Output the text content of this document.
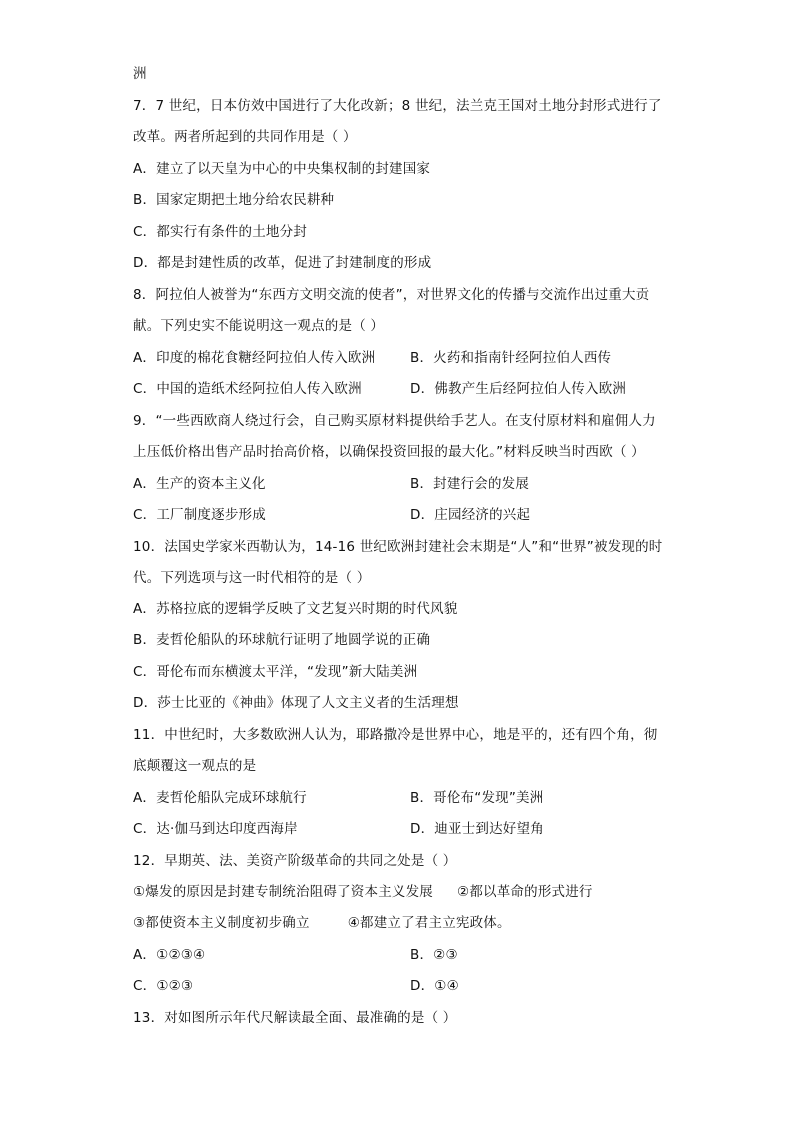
洲
7．7 世纪，日本仿效中国进行了大化改新；8 世纪，法兰克王国对土地分封形式进行了
改革。两者所起到的共同作用是（ ）
A．建立了以天皇为中心的中央集权制的封建国家
B．国家定期把土地分给农民耕种
C．都实行有条件的土地分封
D．都是封建性质的改革，促进了封建制度的形成
8．阿拉伯人被誉为“东西方文明交流的使者”，对世界文化的传播与交流作出过重大贡
献。下列史实不能说明这一观点的是（ ）
A．印度的棉花食糖经阿拉伯人传入欧洲	B．火药和指南针经阿拉伯人西传
C．中国的造纸术经阿拉伯人传入欧洲	D．佛教产生后经阿拉伯人传入欧洲
9．“一些西欧商人绕过行会，自己购买原材料提供给手艺人。在支付原材料和雇佣人力
上压低价格出售产品时抬高价格，以确保投资回报的最大化。”材料反映当时西欧（ ）
A．生产的资本主义化	B．封建行会的发展
C．工厂制度逐步形成	D．庄园经济的兴起
10．法国史学家米西勒认为，14-16 世纪欧洲封建社会末期是“人”和“世界”被发现的时
代。下列选项与这一时代相符的是（ ）
A．苏格拉底的逻辑学反映了文艺复兴时期的时代风貌
B．麦哲伦船队的环球航行证明了地圆学说的正确
C．哥伦布而东横渡太平洋，“发现”新大陆美洲
D．莎士比亚的《神曲》体现了人文主义者的生活理想
11．中世纪时，大多数欧洲人认为，耶路撒冷是世界中心，地是平的，还有四个角，彻
底颠覆这一观点的是
A．麦哲伦船队完成环球航行	B．哥伦布“发现”美洲
C．达·伽马到达印度西海岸	D．迪亚士到达好望角
12．早期英、法、美资产阶级革命的共同之处是（ ）
①爆发的原因是封建专制统治阻碍了资本主义发展 ②都以革命的形式进行
③都使资本主义制度初步确立	④都建立了君主立宪政体。
A．①②③④	B．②③
C．①②③	D．①④
13．对如图所示年代尺解读最全面、最准确的是（ ）
